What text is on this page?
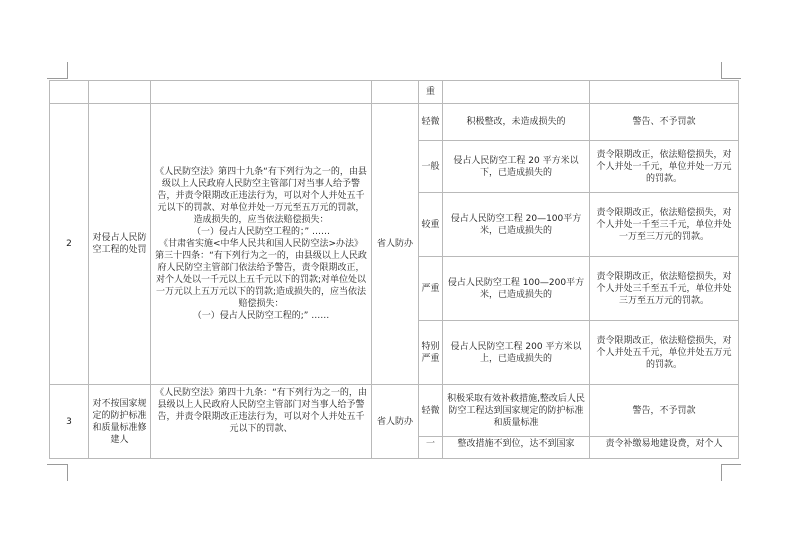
				重		
2	对侵占人民防空工程的处罚	《人民防空法》第四十九条“有下列行为之一的，由县级以上人民政府人民防空主管部门对当事人给予警告，并责令限期改正违法行为，可以对个人并处五千元以下的罚款、对单位并处一万元至五万元的罚款，造成损失的，应当依法赔偿损失：

（一）侵占人民防空工程的；” ……

《甘肃省实施<中华人民共和国人民防空法>办法》第三十四条：“有下列行为之一的，由县级以上人民政府人民防空主管部门依法给予警告，责令限期改正，对个人处以一千元以上五千元以下的罚款;对单位处以一万元以上五万元以下的罚款;造成损失的，应当依法赔偿损失：

（一）侵占人民防空工程的;” ……	省人防办	轻微	积极整改，未造成损失的	警告、不予罚款
				一般	侵占人民防空工程 20 平方米以下，已造成损失的	责令限期改正，依法赔偿损失，对个人并处一千元，单位并处一万元的罚款。
				较重	侵占人民防空工程 20—100平方米，已造成损失的	责令限期改正，依法赔偿损失，对个人并处一千至三千元，单位并处一万至三万元的罚款。
				严重	侵占人民防空工程 100—200平方米，已造成损失的	责令限期改正，依法赔偿损失，对个人并处三千至五千元，单位并处三万至五万元的罚款。
				特别严重	侵占人民防空工程 200 平方米以上，已造成损失的	责令限期改正，依法赔偿损失，对个人并处五千元，单位并处五万元的罚款。
3	对不按国家规定的防护标准和质量标准修建人	《人民防空法》第四十九条：“有下列行为之一的，由县级以上人民政府人民防空主管部门对当事人给予警告，并责令限期改正违法行为，可以对个人并处五千元以下的罚款、	省人防办	轻微	积极采取有效补救措施,整改后人民防空工程达到国家规定的防护标准和质量标准	警告，不予罚款
				一	整改措施不到位，达不到国家	责令补缴易地建设费，对个人
